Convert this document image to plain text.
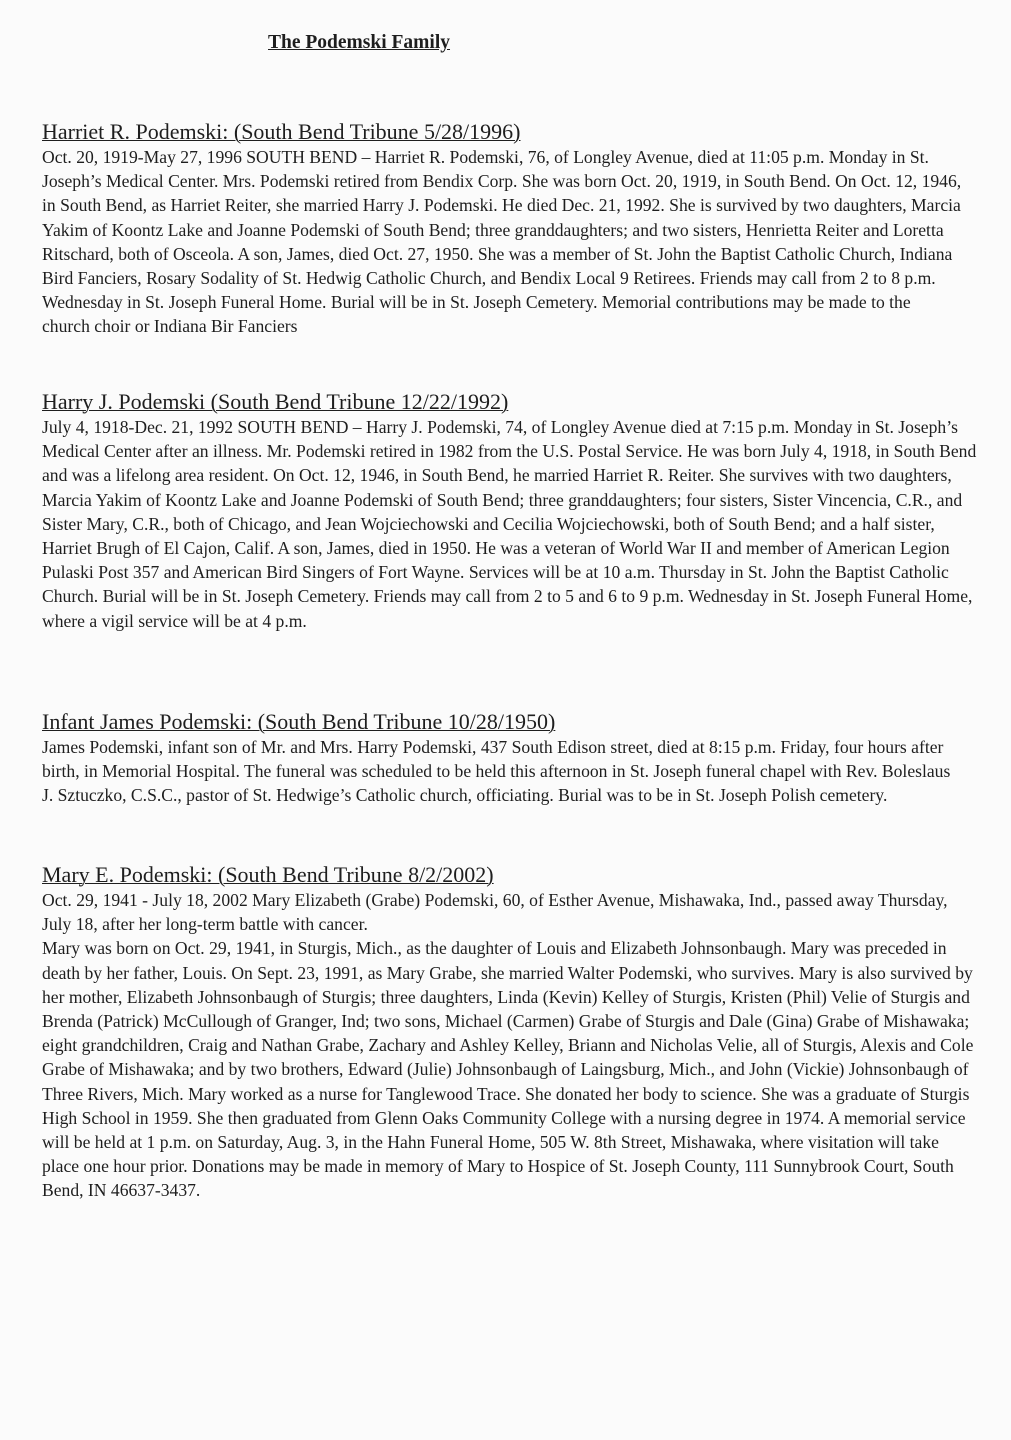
The Podemski Family
Harriet R. Podemski: (South Bend Tribune 5/28/1996)

Oct. 20, 1919-May 27, 1996 SOUTH BEND – Harriet R. Podemski, 76, of Longley Avenue, died at 11:05 p.m. Monday in St. Joseph’s Medical Center. Mrs. Podemski retired from Bendix Corp. She was born Oct. 20, 1919, in South Bend. On Oct. 12, 1946, in South Bend, as Harriet Reiter, she married Harry J. Podemski. He died Dec. 21, 1992. She is survived by two daughters, Marcia Yakim of Koontz Lake and Joanne Podemski of South Bend; three granddaughters; and two sisters, Henrietta Reiter and Loretta Ritschard, both of Osceola. A son, James, died Oct. 27, 1950. She was a member of St. John the Baptist Catholic Church, Indiana Bird Fanciers, Rosary Sodality of St. Hedwig Catholic Church, and Bendix Local 9 Retirees. Friends may call from 2 to 8 p.m. Wednesday in St. Joseph Funeral Home. Burial will be in St. Joseph Cemetery. Memorial contributions may be made to the church choir or Indiana Bir Fanciers

Harry J. Podemski (South Bend Tribune 12/22/1992)

July 4, 1918-Dec. 21, 1992 SOUTH BEND – Harry J. Podemski, 74, of Longley Avenue died at 7:15 p.m. Monday in St. Joseph’s Medical Center after an illness. Mr. Podemski retired in 1982 from the U.S. Postal Service. He was born July 4, 1918, in South Bend and was a lifelong area resident. On Oct. 12, 1946, in South Bend, he married Harriet R. Reiter. She survives with two daughters, Marcia Yakim of Koontz Lake and Joanne Podemski of South Bend; three granddaughters; four sisters, Sister Vincencia, C.R., and Sister Mary, C.R., both of Chicago, and Jean Wojciechowski and Cecilia Wojciechowski, both of South Bend; and a half sister, Harriet Brugh of El Cajon, Calif. A son, James, died in 1950. He was a veteran of World War II and member of American Legion Pulaski Post 357 and American Bird Singers of Fort Wayne. Services will be at 10 a.m. Thursday in St. John the Baptist Catholic Church. Burial will be in St. Joseph Cemetery. Friends may call from 2 to 5 and 6 to 9 p.m. Wednesday in St. Joseph Funeral Home, where a vigil service will be at 4 p.m.

Infant James Podemski: (South Bend Tribune 10/28/1950)

James Podemski, infant son of Mr. and Mrs. Harry Podemski, 437 South Edison street, died at 8:15 p.m. Friday, four hours after birth, in Memorial Hospital. The funeral was scheduled to be held this afternoon in St. Joseph funeral chapel with Rev. Boleslaus J. Sztuczko, C.S.C., pastor of St. Hedwige’s Catholic church, officiating. Burial was to be in St. Joseph Polish cemetery.

Mary E. Podemski: (South Bend Tribune 8/2/2002)

Oct. 29, 1941 - July 18, 2002 Mary Elizabeth (Grabe) Podemski, 60, of Esther Avenue, Mishawaka, Ind., passed away Thursday, July 18, after her long-term battle with cancer.

Mary was born on Oct. 29, 1941, in Sturgis, Mich., as the daughter of Louis and Elizabeth Johnsonbaugh. Mary was preceded in death by her father, Louis. On Sept. 23, 1991, as Mary Grabe, she married Walter Podemski, who survives. Mary is also survived by her mother, Elizabeth Johnsonbaugh of Sturgis; three daughters, Linda (Kevin) Kelley of Sturgis, Kristen (Phil) Velie of Sturgis and Brenda (Patrick) McCullough of Granger, Ind; two sons, Michael (Carmen) Grabe of Sturgis and Dale (Gina) Grabe of Mishawaka; eight grandchildren, Craig and Nathan Grabe, Zachary and Ashley Kelley, Briann and Nicholas Velie, all of Sturgis, Alexis and Cole Grabe of Mishawaka; and by two brothers, Edward (Julie) Johnsonbaugh of Laingsburg, Mich., and John (Vickie) Johnsonbaugh of Three Rivers, Mich. Mary worked as a nurse for Tanglewood Trace. She donated her body to science. She was a graduate of Sturgis High School in 1959. She then graduated from Glenn Oaks Community College with a nursing degree in 1974. A memorial service will be held at 1 p.m. on Saturday, Aug. 3, in the Hahn Funeral Home, 505 W. 8th Street, Mishawaka, where visitation will take place one hour prior. Donations may be made in memory of Mary to Hospice of St. Joseph County, 111 Sunnybrook Court, South Bend, IN 46637-3437.
